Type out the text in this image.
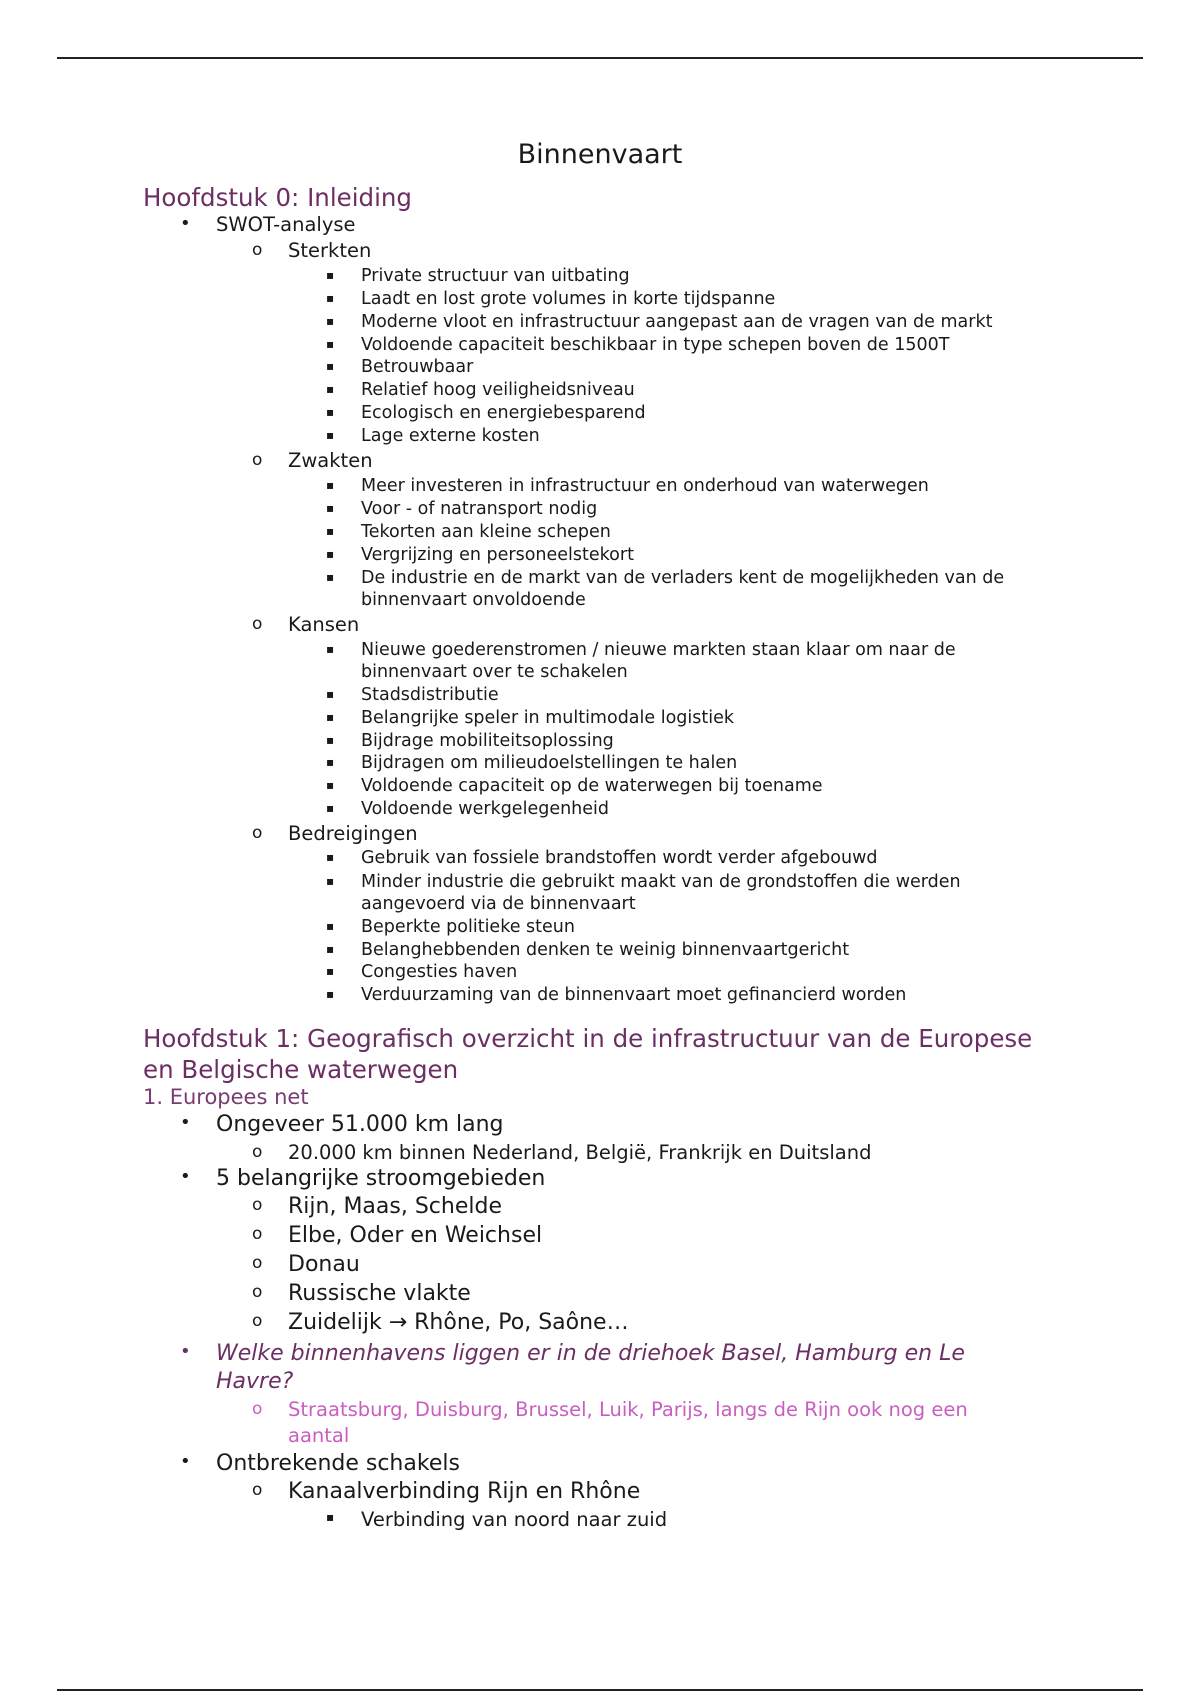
Binnenvaart
Hoofdstuk 0: Inleiding
• SWOT-analyse
o Sterkten
▪ Private structuur van uitbating
▪ Laadt en lost grote volumes in korte tijdspanne
▪ Moderne vloot en infrastructuur aangepast aan de vragen van de markt
▪ Voldoende capaciteit beschikbaar in type schepen boven de 1500T
▪ Betrouwbaar
▪ Relatief hoog veiligheidsniveau
▪ Ecologisch en energiebesparend
▪ Lage externe kosten
o Zwakten
▪ Meer investeren in infrastructuur en onderhoud van waterwegen
▪ Voor - of natransport nodig
▪ Tekorten aan kleine schepen
▪ Vergrijzing en personeelstekort
▪ De industrie en de markt van de verladers kent de mogelijkheden van de
binnenvaart onvoldoende
o Kansen
▪ Nieuwe goederenstromen / nieuwe markten staan klaar om naar de
binnenvaart over te schakelen
▪ Stadsdistributie
▪ Belangrijke speler in multimodale logistiek
▪ Bijdrage mobiliteitsoplossing
▪ Bijdragen om milieudoelstellingen te halen
▪ Voldoende capaciteit op de waterwegen bij toename
▪ Voldoende werkgelegenheid
o Bedreigingen
▪ Gebruik van fossiele brandstoffen wordt verder afgebouwd
▪ Minder industrie die gebruikt maakt van de grondstoffen die werden
aangevoerd via de binnenvaart
▪ Beperkte politieke steun
▪ Belanghebbenden denken te weinig binnenvaartgericht
▪ Congesties haven
▪ Verduurzaming van de binnenvaart moet gefinancierd worden
Hoofdstuk 1: Geografisch overzicht in de infrastructuur van de Europese
en Belgische waterwegen
1. Europees net
• Ongeveer 51.000 km lang
o 20.000 km binnen Nederland, België, Frankrijk en Duitsland
• 5 belangrijke stroomgebieden
o Rijn, Maas, Schelde
o Elbe, Oder en Weichsel
o Donau
o Russische vlakte
o Zuidelijk → Rhône, Po, Saône…
• Welke binnenhavens liggen er in de driehoek Basel, Hamburg en Le
Havre?
o Straatsburg, Duisburg, Brussel, Luik, Parijs, langs de Rijn ook nog een
aantal
• Ontbrekende schakels
o Kanaalverbinding Rijn en Rhône
▪ Verbinding van noord naar zuid
